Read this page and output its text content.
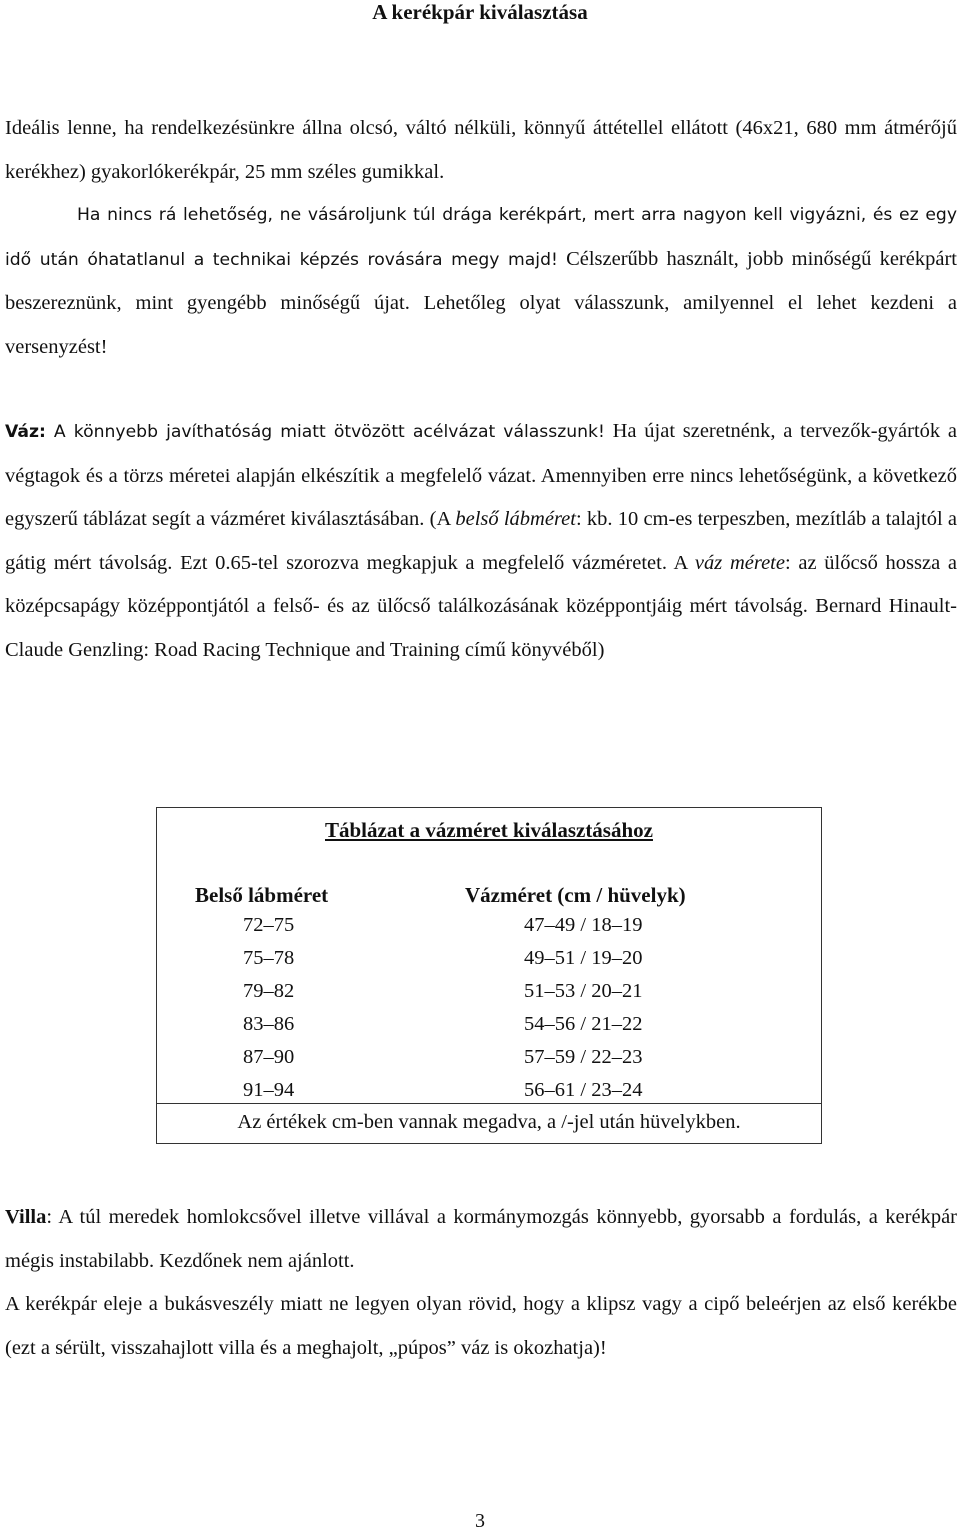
A kerékpár kiválasztása

Ideális lenne, ha rendelkezésünkre állna olcsó, váltó nélküli, könnyű áttétellel ellátott (46x21, 680 mm átmérőjű kerékhez) gyakorlókerékpár, 25 mm széles gumikkal.

Ha nincs rá lehetőség, ne vásároljunk túl drága kerékpárt, mert arra nagyon kell vigyázni, és ez egy idő után óhatatlanul a technikai képzés rovására megy majd! Célszerűbb használt, jobb minőségű kerékpárt beszereznünk, mint gyengébb minőségű újat. Lehetőleg olyat válasszunk, amilyennel el lehet kezdeni a versenyzést!

Váz: A könnyebb javíthatóság miatt ötvözött acélvázat válasszunk! Ha újat szeretnénk, a tervezők-gyártók a végtagok és a törzs méretei alapján elkészítik a megfelelő vázat. Amennyiben erre nincs lehetőségünk, a következő egyszerű táblázat segít a vázméret kiválasztásában. (A belső lábméret: kb. 10 cm-es terpeszben, mezítláb a talajtól a gátig mért távolság. Ezt 0.65-tel szorozva megkapjuk a megfelelő vázméretet. A váz mérete: az ülőcső hossza a középcsapágy középpontjától a felső- és az ülőcső találkozásának középpontjáig mért távolság. Bernard Hinault-Claude Genzling: Road Racing Technique and Training című könyvéből)

Táblázat a vázméret kiválasztásához
Belső lábméret	Vázméret (cm / hüvelyk)
72–75	47–49 / 18–19
75–78	49–51 / 19–20
79–82	51–53 / 20–21
83–86	54–56 / 21–22
87–90	57–59 / 22–23
91–94	56–61 / 23–24
Az értékek cm-ben vannak megadva, a /-jel után hüvelykben.

Villa: A túl meredek homlokcsővel illetve villával a kormánymozgás könnyebb, gyorsabb a fordulás, a kerékpár mégis instabilabb. Kezdőnek nem ajánlott.

A kerékpár eleje a bukásveszély miatt ne legyen olyan rövid, hogy a klipsz vagy a cipő beleérjen az első kerékbe (ezt a sérült, visszahajlott villa és a meghajolt, „púpos” váz is okozhatja)!

3
